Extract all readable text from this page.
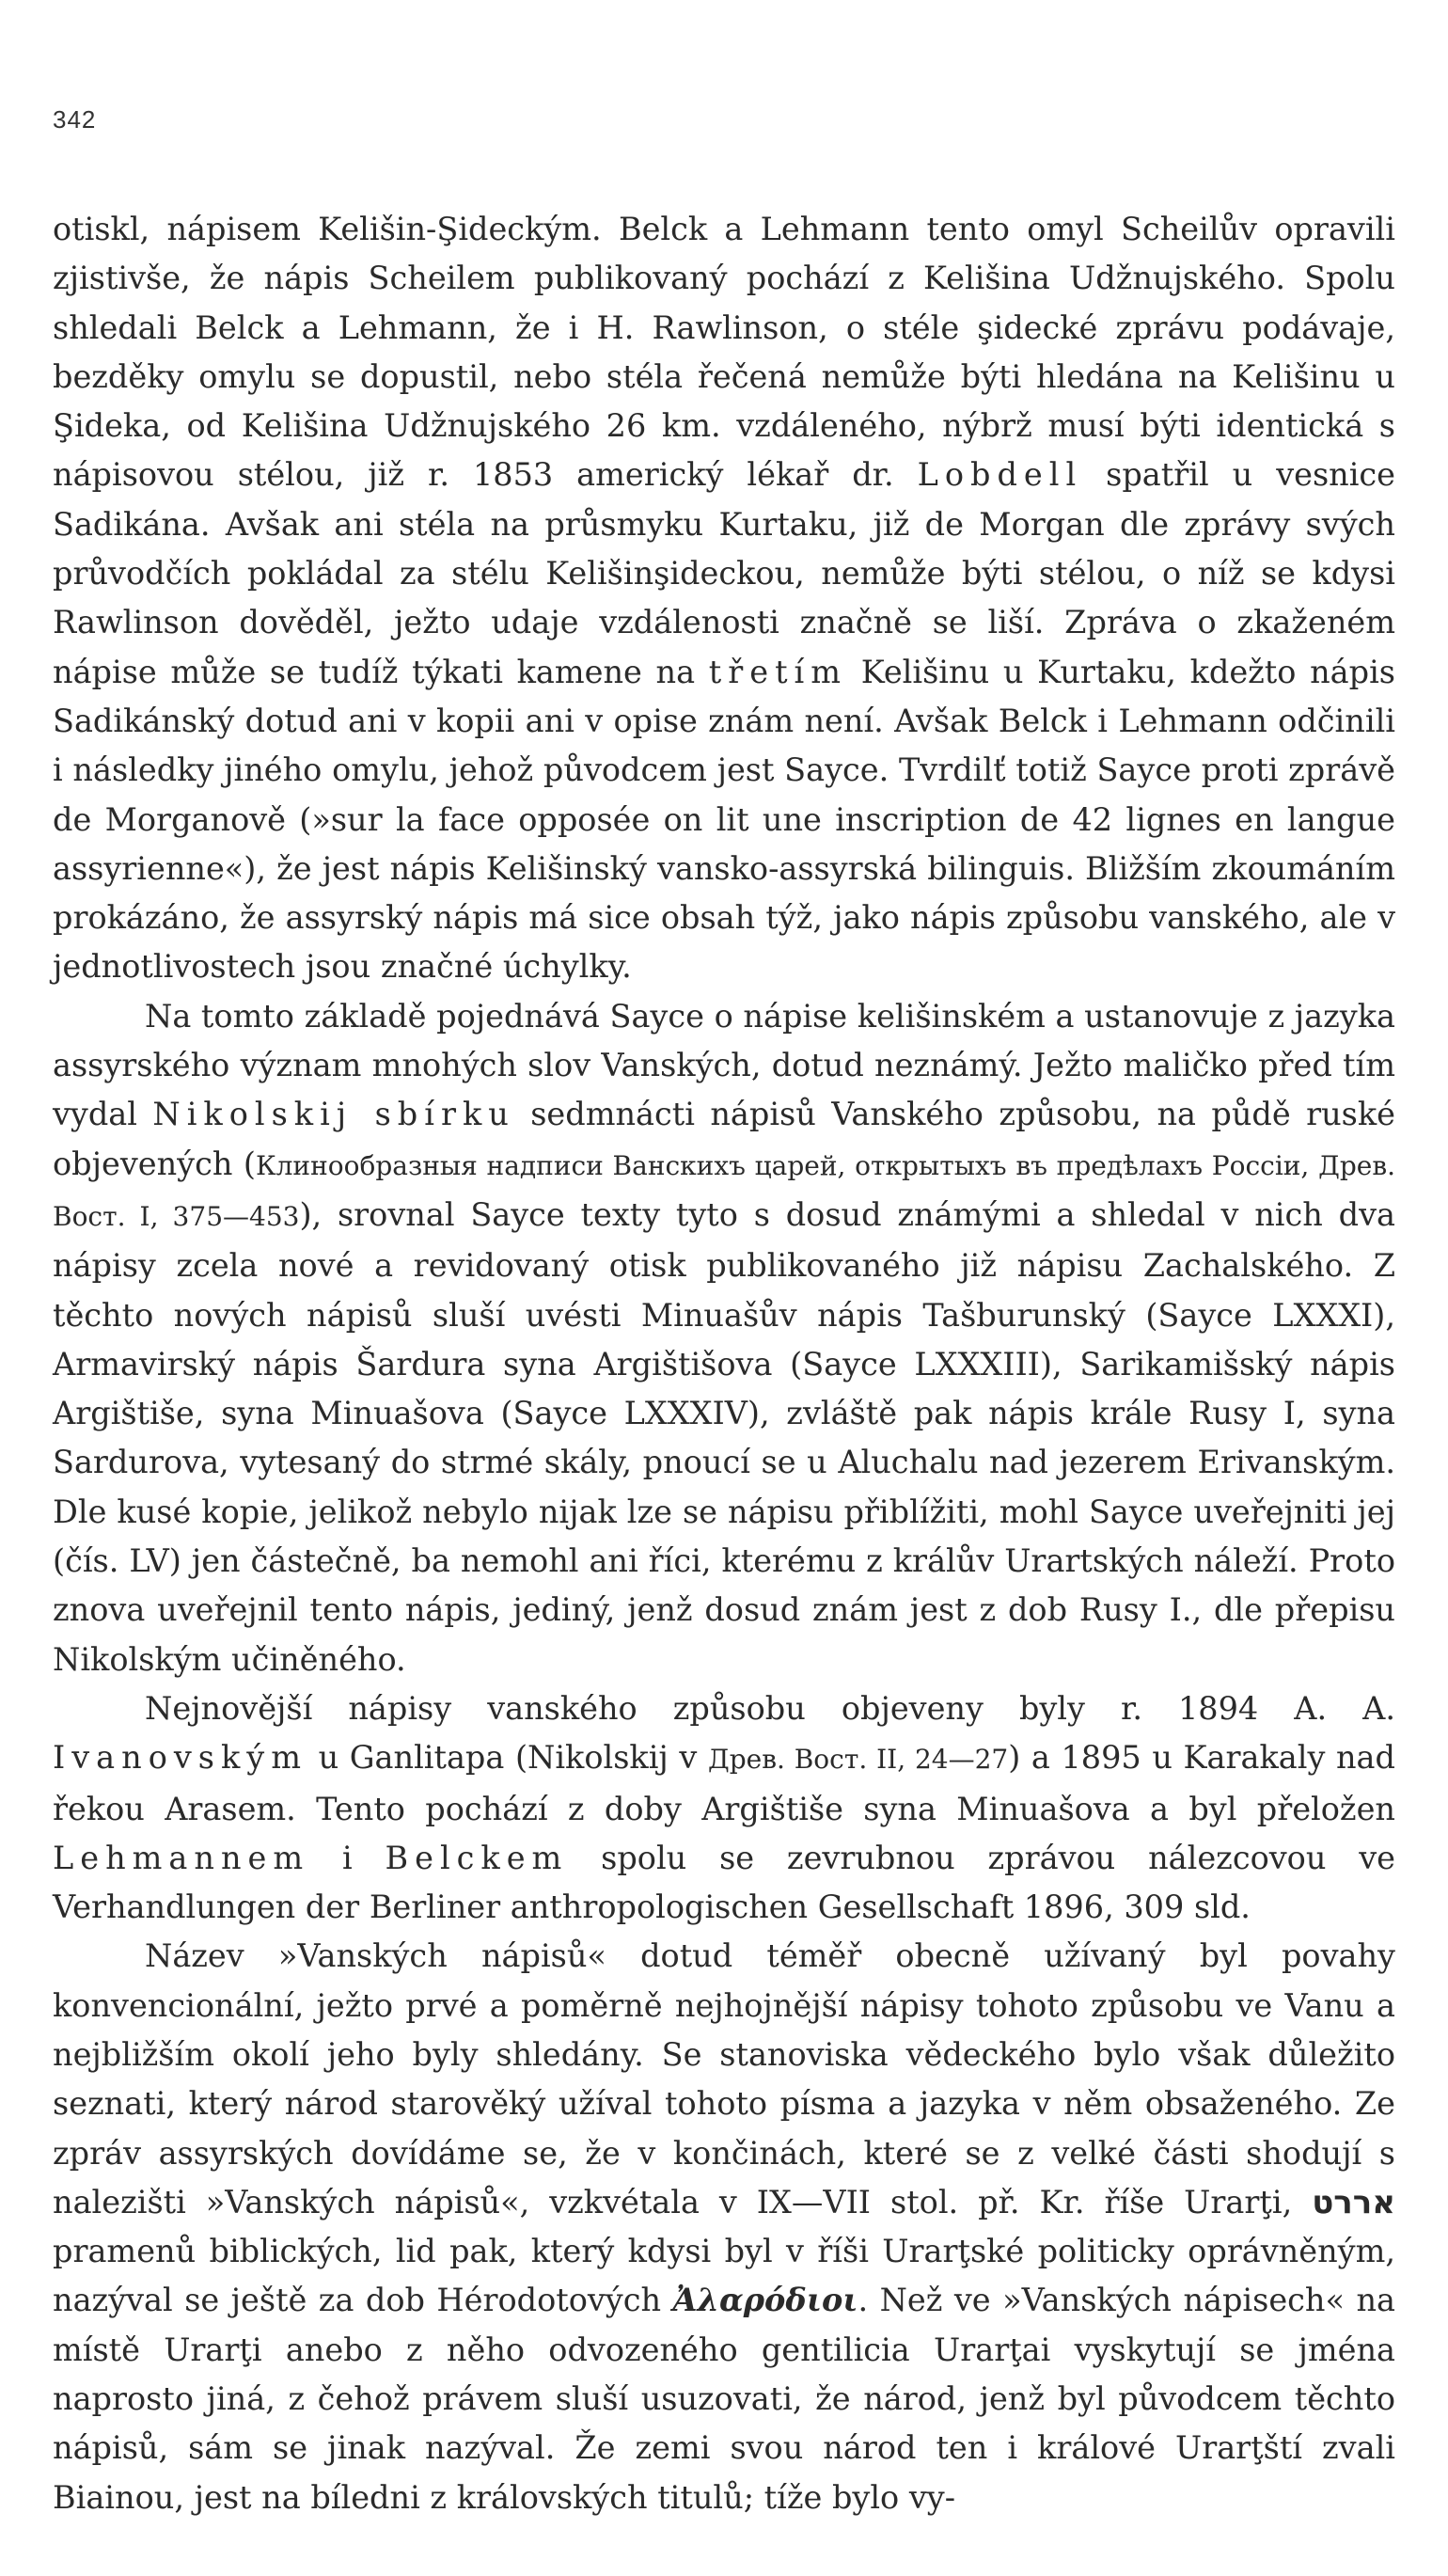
342

otiskl, nápisem Kelišin-Şideckým. Belck a Lehmann tento omyl Scheilův opravili zjistivše, že nápis Scheilem publikovaný pochází z Kelišina Udžnujského. Spolu shledali Belck a Lehmann, že i H. Rawlinson, o stéle şidecké zprávu podávaje, bezděky omylu se dopustil, nebo stéla řečená nemůže býti hledána na Kelišinu u Şideka, od Kelišina Udžnujského 26 km. vzdáleného, nýbrž musí býti identická s nápisovou stélou, již r. 1853 americký lékař dr. Lobdell spatřil u vesnice Sadikána. Avšak ani stéla na průsmyku Kurtaku, již de Morgan dle zprávy svých průvodčích pokládal za stélu Kelišinşideckou, nemůže býti stélou, o níž se kdysi Rawlinson dověděl, ježto udaje vzdálenosti značně se liší. Zpráva o zkaženém nápise může se tudíž týkati kamene na třetím Kelišinu u Kurtaku, kdežto nápis Sadikánský dotud ani v kopii ani v opise znám není. Avšak Belck i Lehmann odčinili i následky jiného omylu, jehož původcem jest Sayce. Tvrdilť totiž Sayce proti zprávě de Morganově (»sur la face opposée on lit une inscription de 42 lignes en langue assyrienne«), že jest nápis Kelišinský vansko-assyrská bilinguis. Bližším zkoumáním prokázáno, že assyrský nápis má sice obsah týž, jako nápis způsobu vanského, ale v jednotlivostech jsou značné úchylky.

Na tomto základě pojednává Sayce o nápise kelišinském a ustanovuje z jazyka assyrského význam mnohých slov Vanských, dotud neznámý. Ježto maličko před tím vydal Nikolskij sbírku sedmnácti nápisů Vanského způsobu, na půdě ruské objevených (Клинообразныя надписи Ванскихъ царей, открытыхъ въ предѣлахъ Россіи, Древ. Вост. I, 375—453), srovnal Sayce texty tyto s dosud známými a shledal v nich dva nápisy zcela nové a revidovaný otisk publikovaného již nápisu Zachalského. Z těchto nových nápisů sluší uvésti Minuašův nápis Tašburunský (Sayce LXXXI), Armavirský nápis Šardura syna Argištišova (Sayce LXXXIII), Sarikamišský nápis Argištiše, syna Minuašova (Sayce LXXXIV), zvláště pak nápis krále Rusy I, syna Sardurova, vytesaný do strmé skály, pnoucí se u Aluchalu nad jezerem Erivanským. Dle kusé kopie, jelikož nebylo nijak lze se nápisu přiblížiti, mohl Sayce uveřejniti jej (čís. LV) jen částečně, ba nemohl ani říci, kterému z králův Urartských náleží. Proto znova uveřejnil tento nápis, jediný, jenž dosud znám jest z dob Rusy I., dle přepisu Nikolským učiněného.

Nejnovější nápisy vanského způsobu objeveny byly r. 1894 A. A. Ivanovským u Ganlitapa (Nikolskij v Древ. Вост. II, 24—27) a 1895 u Karakaly nad řekou Arasem. Tento pochází z doby Argištiše syna Minuašova a byl přeložen Lehmannem i Belckem spolu se zevrubnou zprávou nálezcovou ve Verhandlungen der Berliner anthropologischen Gesellschaft 1896, 309 sld.

Název »Vanských nápisů« dotud téměř obecně užívaný byl povahy konvencionální, ježto prvé a poměrně nejhojnější nápisy tohoto způsobu ve Vanu a nejbližším okolí jeho byly shledány. Se stanoviska vědeckého bylo však důležito seznati, který národ starověký užíval tohoto písma a jazyka v něm obsaženého. Ze zpráv assyrských dovídáme se, že v končinách, které se z velké části shodují s nalezišti »Vanských nápisů«, vzkvétala v IX—VII stol. př. Kr. říše Urarţi, אררט pramenů biblických, lid pak, který kdysi byl v říši Urarţské politicky oprávněným, nazýval se ještě za dob Hérodotových Ἀλαρόδιοι. Než ve »Vanských nápisech« na místě Urarţi anebo z něho odvozeného gentilicia Urarţai vyskytují se jména naprosto jiná, z čehož právem sluší usuzovati, že národ, jenž byl původcem těchto nápisů, sám se jinak nazýval. Že zemi svou národ ten i králové Urarţští zvali Biainou, jest na bíledni z královských titulů; tíže bylo vy-
